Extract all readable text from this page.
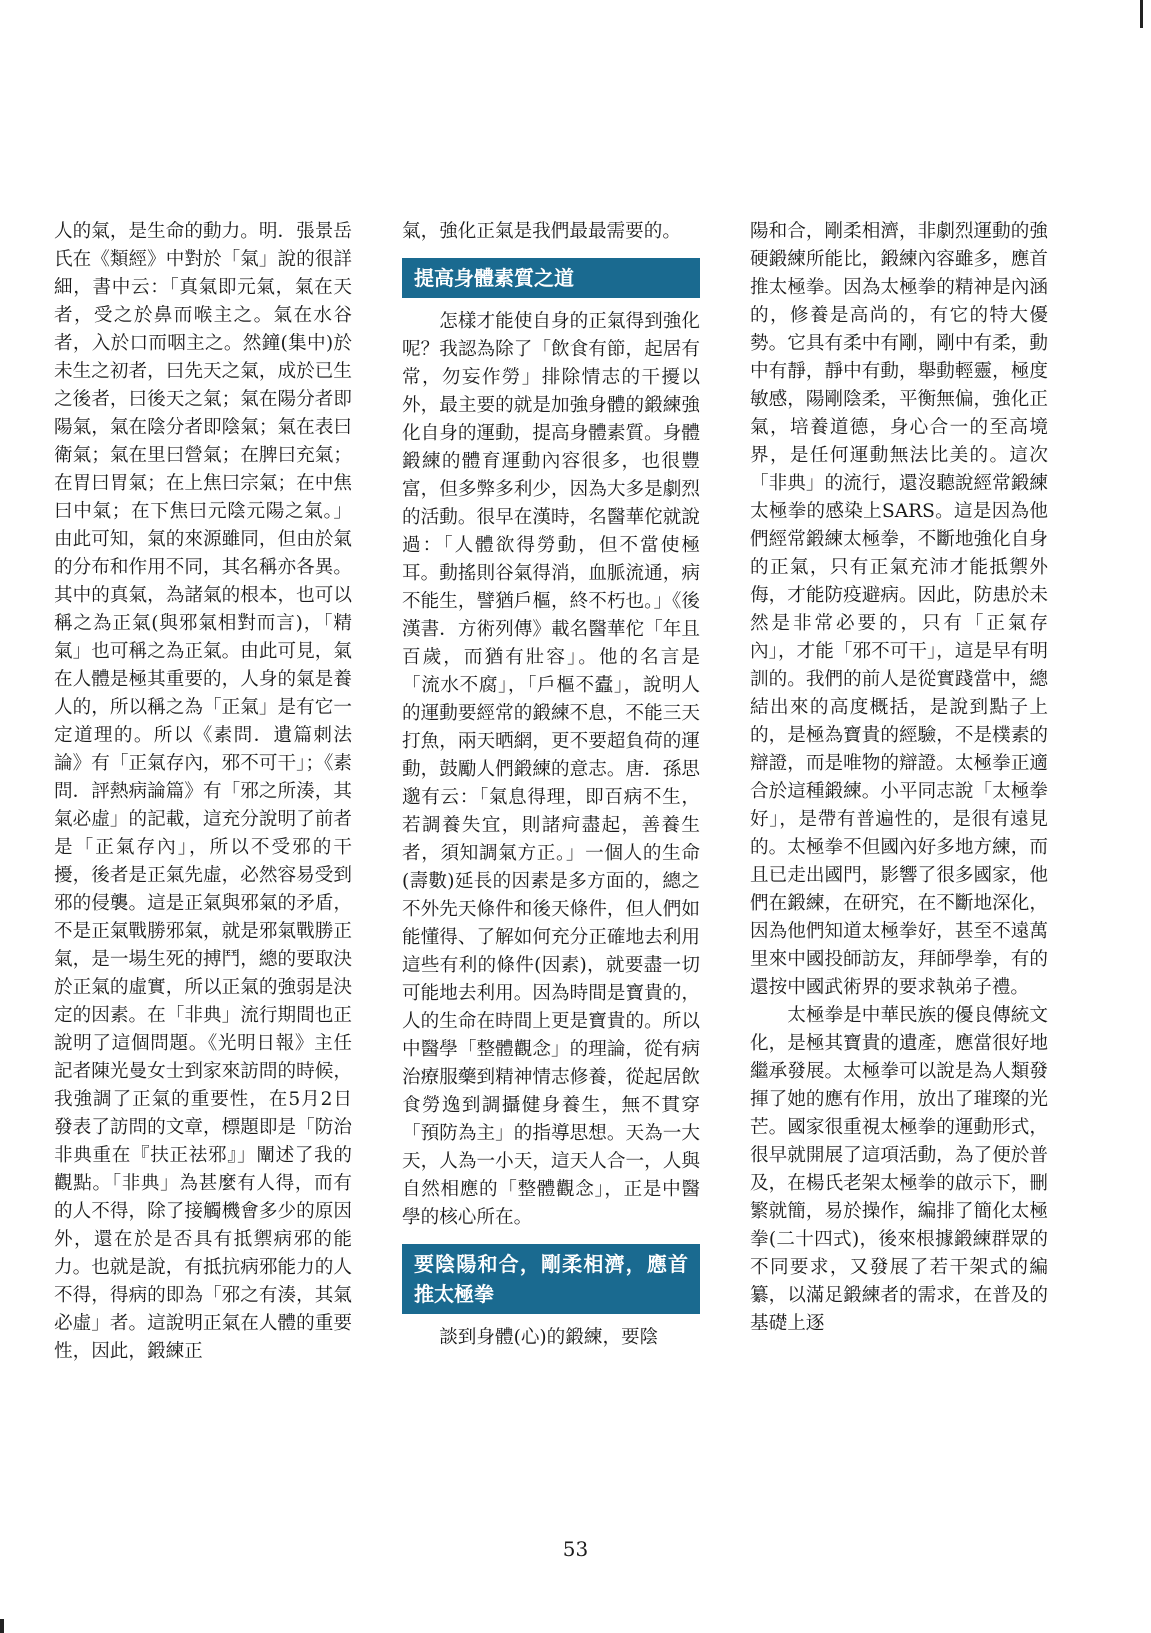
人的氣，是生命的動力。明．張景岳氏在《類經》中對於「氣」說的很詳細，書中云：「真氣即元氣，氣在天者，受之於鼻而喉主之。氣在水谷者，入於口而咽主之。然鐘(集中)於未生之初者，曰先天之氣，成於已生之後者，曰後天之氣；氣在陽分者即陽氣，氣在陰分者即陰氣；氣在表曰衛氣；氣在里曰營氣；在脾曰充氣；在胃曰胃氣；在上焦曰宗氣；在中焦曰中氣；在下焦曰元陰元陽之氣。」由此可知，氣的來源雖同，但由於氣的分布和作用不同，其名稱亦各異。其中的真氣，為諸氣的根本，也可以稱之為正氣(與邪氣相對而言)，「精氣」也可稱之為正氣。由此可見，氣在人體是極其重要的，人身的氣是養人的，所以稱之為「正氣」是有它一定道理的。所以《素問．遺篇刺法論》有「正氣存內，邪不可干」；《素問．評熱病論篇》有「邪之所湊，其氣必虛」的記載，這充分說明了前者是「正氣存內」，所以不受邪的干擾，後者是正氣先虛，必然容易受到邪的侵襲。這是正氣與邪氣的矛盾，不是正氣戰勝邪氣，就是邪氣戰勝正氣，是一場生死的搏鬥，總的要取決於正氣的虛實，所以正氣的強弱是決定的因素。在「非典」流行期間也正說明了這個問題。《光明日報》主任記者陳光曼女士到家來訪問的時候，我強調了正氣的重要性，在5月2日發表了訪問的文章，標題即是「防治非典重在『扶正祛邪』」闡述了我的觀點。「非典」為甚麼有人得，而有的人不得，除了接觸機會多少的原因外，還在於是否具有抵禦病邪的能力。也就是說，有抵抗病邪能力的人不得，得病的即為「邪之有湊，其氣必虛」者。這說明正氣在人體的重要性，因此，鍛練正

氣，強化正氣是我們最最需要的。

提高身體素質之道

怎樣才能使自身的正氣得到強化呢？我認為除了「飲食有節，起居有常，勿妄作勞」排除情志的干擾以外，最主要的就是加強身體的鍛練強化自身的運動，提高身體素質。身體鍛練的體育運動內容很多，也很豐富，但多弊多利少，因為大多是劇烈的活動。很早在漢時，名醫華佗就說過：「人體欲得勞動，但不當使極耳。動搖則谷氣得消，血脈流通，病不能生，譬猶戶樞，終不朽也。」《後漢書．方術列傳》載名醫華佗「年且百歲，而猶有壯容」。他的名言是「流水不腐」，「戶樞不蠹」，說明人的運動要經常的鍛練不息，不能三天打魚，兩天晒網，更不要超負荷的運動，鼓勵人們鍛練的意志。唐．孫思邈有云：「氣息得理，即百病不生，若調養失宜，則諸疴盡起，善養生者，須知調氣方正。」一個人的生命(壽數)延長的因素是多方面的，總之不外先天條件和後天條件，但人們如能懂得、了解如何充分正確地去利用這些有利的條件(因素)，就要盡一切可能地去利用。因為時間是寶貴的，人的生命在時間上更是寶貴的。所以中醫學「整體觀念」的理論，從有病治療服藥到精神情志修養，從起居飲食勞逸到調攝健身養生，無不貫穿「預防為主」的指導思想。天為一大天，人為一小天，這天人合一，人與自然相應的「整體觀念」，正是中醫學的核心所在。

要陰陽和合，剛柔相濟，應首推太極拳

談到身體(心)的鍛練，要陰

陽和合，剛柔相濟，非劇烈運動的強硬鍛練所能比，鍛練內容雖多，應首推太極拳。因為太極拳的精神是內涵的，修養是高尚的，有它的特大優勢。它具有柔中有剛，剛中有柔，動中有靜，靜中有動，舉動輕靈，極度敏感，陽剛陰柔，平衡無偏，強化正氣，培養道德，身心合一的至高境界，是任何運動無法比美的。這次「非典」的流行，還沒聽說經常鍛練太極拳的感染上SARS。這是因為他們經常鍛練太極拳，不斷地強化自身的正氣，只有正氣充沛才能抵禦外侮，才能防疫避病。因此，防患於未然是非常必要的，只有「正氣存內」，才能「邪不可干」，這是早有明訓的。我們的前人是從實踐當中，總結出來的高度概括，是說到點子上的，是極為寶貴的經驗，不是樸素的辯證，而是唯物的辯證。太極拳正適合於這種鍛練。小平同志說「太極拳好」，是帶有普遍性的，是很有遠見的。太極拳不但國內好多地方練，而且已走出國門，影響了很多國家，他們在鍛練，在研究，在不斷地深化，因為他們知道太極拳好，甚至不遠萬里來中國投師訪友，拜師學拳，有的還按中國武術界的要求執弟子禮。

太極拳是中華民族的優良傳統文化，是極其寶貴的遺產，應當很好地繼承發展。太極拳可以說是為人類發揮了她的應有作用，放出了璀璨的光芒。國家很重視太極拳的運動形式，很早就開展了這項活動，為了便於普及，在楊氏老架太極拳的啟示下，刪繁就簡，易於操作，編排了簡化太極拳(二十四式)，後來根據鍛練群眾的不同要求，又發展了若干架式的編纂，以滿足鍛練者的需求，在普及的基礎上逐

53
